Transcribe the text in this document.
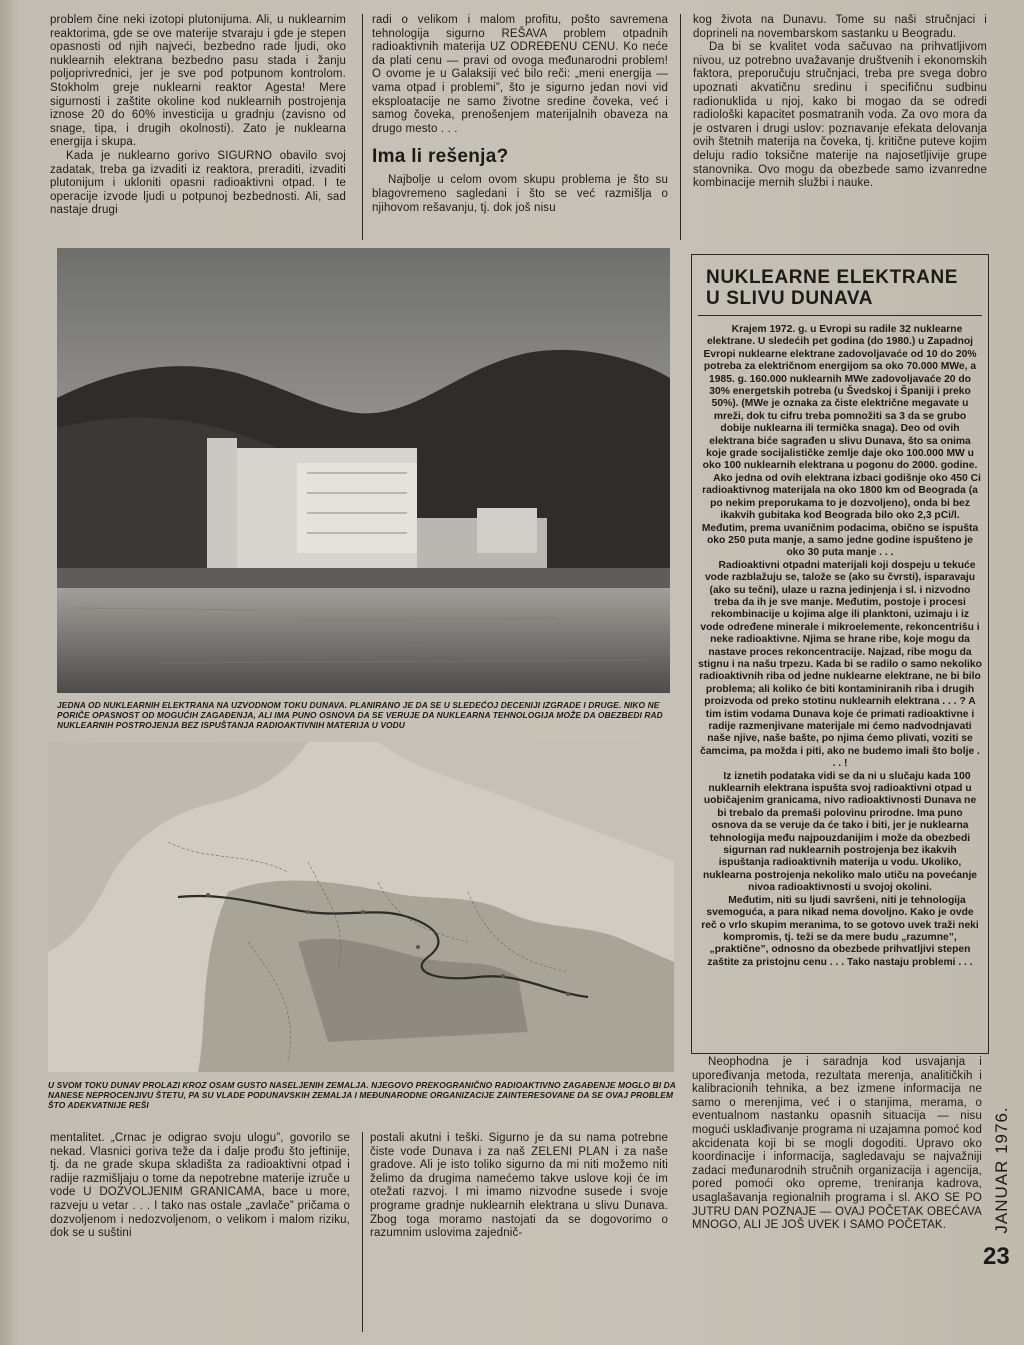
problem čine neki izotopi plutonijuma. Ali, u nuklearnim reaktorima, gde se ove materije stvaraju i gde je stepen opasnosti od njih najveći, bezbedno rade ljudi, oko nuklearnih elektrana bezbedno pasu stada i žanju poljoprivrednici, jer je sve pod potpunom kontrolom. Stokholm greje nuklearni reaktor Agesta! Mere sigurnosti i zaštite okoline kod nuklearnih postrojenja iznose 20 do 60% investicija u gradnju (zavisno od snage, tipa, i drugih okolnosti). Zato je nuklearna energija i skupa.

Kada je nuklearno gorivo SIGURNO obavilo svoj zadatak, treba ga izvaditi iz reaktora, preraditi, izvaditi plutonijum i ukloniti opasni radioaktivni otpad. I te operacije izvode ljudi u potpunoj bezbednosti. Ali, sad nastaje drugi

radi o velikom i malom profitu, pošto savremena tehnologija sigurno REŠAVA problem otpadnih radioaktivnih materija UZ ODREĐENU CENU. Ko neće da plati cenu — pravi od ovoga međunarodni problem! O ovome je u Galaksiji već bilo reči: „meni energija — vama otpad i problemi”, što je sigurno jedan novi vid eksploatacije ne samo životne sredine čoveka, već i samog čoveka, prenošenjem materijalnih obaveza na drugo mesto . . .

Ima li rešenja?

Najbolje u celom ovom skupu problema je što su blagovremeno sagledani i što se već razmišlja o njihovom rešavanju, tj. dok još nisu

kog života na Dunavu. Tome su naši stručnjaci i doprineli na novembarskom sastanku u Beogradu.

Da bi se kvalitet voda sačuvao na prihvatljivom nivou, uz potrebno uvažavanje društvenih i ekonomskih faktora, preporučuju stručnjaci, treba pre svega dobro upoznati akvatičnu sredinu i specifičnu sudbinu radionuklida u njoj, kako bi mogao da se odredi radiološki kapacitet posmatranih voda. Za ovo mora da je ostvaren i drugi uslov: poznavanje efekata delovanja ovih štetnih materija na čoveka, tj. kritične puteve kojim deluju radio toksične materije na najosetljivije grupe stanovnika. Ovo mogu da obezbede samo izvanredne kombinacije mernih službi i nauke.

JEDNA OD NUKLEARNIH ELEKTRANA NA UZVODNOM TOKU DUNAVA. PLANIRANO JE DA SE U SLEDEĆOJ DECENIJI IZGRADE I DRUGE. NIKO NE PORIČE OPASNOST OD MOGUĆIH ZAGAĐENJA, ALI IMA PUNO OSNOVA DA SE VERUJE DA NUKLEARNA TEHNOLOGIJA MOŽE DA OBEZBEDI RAD NUKLEARNIH POSTROJENJA BEZ ISPUŠTANJA RADIOAKTIVNIH MATERIJA U VODU
U SVOM TOKU DUNAV PROLAZI KROZ OSAM GUSTO NASELJENIH ZEMALJA. NJEGOVO PREKOGRANIČNO RADIOAKTIVNO ZAGAĐENJE MOGLO BI DA NANESE NEPROCENJIVU ŠTETU, PA SU VLADE PODUNAVSKIH ZEMALJA I MEĐUNARODNE ORGANIZACIJE ZAINTERESOVANE DA SE OVAJ PROBLEM ŠTO ADEKVATNIJE REŠI
NUKLEARNE ELEKTRANE
U SLIVU DUNAVA

Krajem 1972. g. u Evropi su radile 32 nuklearne elektrane. U sledećih pet godina (do 1980.) u Zapadnoj Evropi nuklearne elektrane zadovoljavaće od 10 do 20% potreba za električnom energijom sa oko 70.000 MWe, a 1985. g. 160.000 nuklearnih MWe zadovoljavaće 20 do 30% energetskih potreba (u Švedskoj i Španiji i preko 50%). (MWe je oznaka za čiste električne megavate u mreži, dok tu cifru treba pomnožiti sa 3 da se grubo dobije nuklearna ili termička snaga). Deo od ovih elektrana biće sagrađen u slivu Dunava, što sa onima koje grade socijalističke zemlje daje oko 100.000 MW u oko 100 nuklearnih elektrana u pogonu do 2000. godine.

Ako jedna od ovih elektrana izbaci godišnje oko 450 Ci radioaktivnog materijala na oko 1800 km od Beograda (a po nekim preporukama to je dozvoljeno), onda bi bez ikakvih gubitaka kod Beograda bilo oko 2,3 pCi/l. Međutim, prema uvaničnim podacima, obično se ispušta oko 250 puta manje, a samo jedne godine ispušteno je oko 30 puta manje . . .

Radioaktivni otpadni materijali koji dospeju u tekuće vode razblažuju se, talože se (ako su čvrsti), isparavaju (ako su tečni), ulaze u razna jedinjenja i sl. i nizvodno treba da ih je sve manje. Međutim, postoje i procesi rekombinacije u kojima alge ili planktoni, uzimaju i iz vode određene minerale i mikroelemente, rekoncentrišu i neke radioaktivne. Njima se hrane ribe, koje mogu da nastave proces rekoncentracije. Najzad, ribe mogu da stignu i na našu trpezu. Kada bi se radilo o samo nekoliko radioaktivnih riba od jedne nuklearne elektrane, ne bi bilo problema; ali koliko će biti kontaminiranih riba i drugih proizvoda od preko stotinu nuklearnih elektrana . . . ? A tim istim vodama Dunava koje će primati radioaktivne i radije razmenjivane materijale mi ćemo nadvodnjavati naše njive, naše bašte, po njima ćemo plivati, voziti se čamcima, pa možda i piti, ako ne budemo imali što bolje . . . !

Iz iznetih podataka vidi se da ni u slučaju kada 100 nuklearnih elektrana ispušta svoj radioaktivni otpad u uobičajenim granicama, nivo radioaktivnosti Dunava ne bi trebalo da premaši polovinu prirodne. Ima puno osnova da se veruje da će tako i biti, jer je nuklearna tehnologija među najpouzdanijim i može da obezbedi sigurnan rad nuklearnih postrojenja bez ikakvih ispuštanja radioaktivnih materija u vodu. Ukoliko, nuklearna postrojenja nekoliko malo utiču na povećanje nivoa radioaktivnosti u svojoj okolini.

Međutim, niti su ljudi savršeni, niti je tehnologija svemoguća, a para nikad nema dovoljno. Kako je ovde reč o vrlo skupim meranima, to se gotovo uvek traži neki kompromis, tj. teži se da mere budu „razumne”, „praktične”, odnosno da obezbede prihvatljivi stepen zaštite za pristojnu cenu . . . Tako nastaju problemi . . .

mentalitet. „Crnac je odigrao svoju ulogu”, govorilo se nekad. Vlasnici goriva teže da i dalje prođu što jeftinije, tj. da ne grade skupa skladišta za radioaktivni otpad i radije razmišljaju o tome da nepotrebne materije izruče u vode U DOZVOLJENIM GRANICAMA, bace u more, razveju u vetar . . . I tako nas ostale „zavlače” pričama o dozvoljenom i nedozvoljenom, o velikom i malom riziku, dok se u suštini

postali akutni i teški. Sigurno je da su nama potrebne čiste vode Dunava i za naš ZELENI PLAN i za naše gradove. Ali je isto toliko sigurno da mi niti možemo niti želimo da drugima namećemo takve uslove koji će im otežati razvoj. I mi imamo nizvodne susede i svoje programe gradnje nuklearnih elektrana u slivu Dunava. Zbog toga moramo nastojati da se dogovorimo o razumnim uslovima zajednič-

Neophodna je i saradnja kod usvajanja i upoređivanja metoda, rezultata merenja, analitičkih i kalibracionih tehnika, a bez izmene informacija ne samo o merenjima, već i o stanjima, merama, o eventualnom nastanku opasnih situacija — nisu mogući usklađivanje programa ni uzajamna pomoć kod akcidenata koji bi se mogli dogoditi. Upravo oko koordinacije i informacija, sagledavaju se najvažniji zadaci međunarodnih stručnih organizacija i agencija, pored pomoći oko opreme, treniranja kadrova, usaglašavanja regionalnih programa i sl. AKO SE PO JUTRU DAN POZNAJE — OVAJ POČETAK OBEĆAVA MNOGO, ALI JE JOŠ UVEK I SAMO POČETAK.	JANUAR 1976.
23
